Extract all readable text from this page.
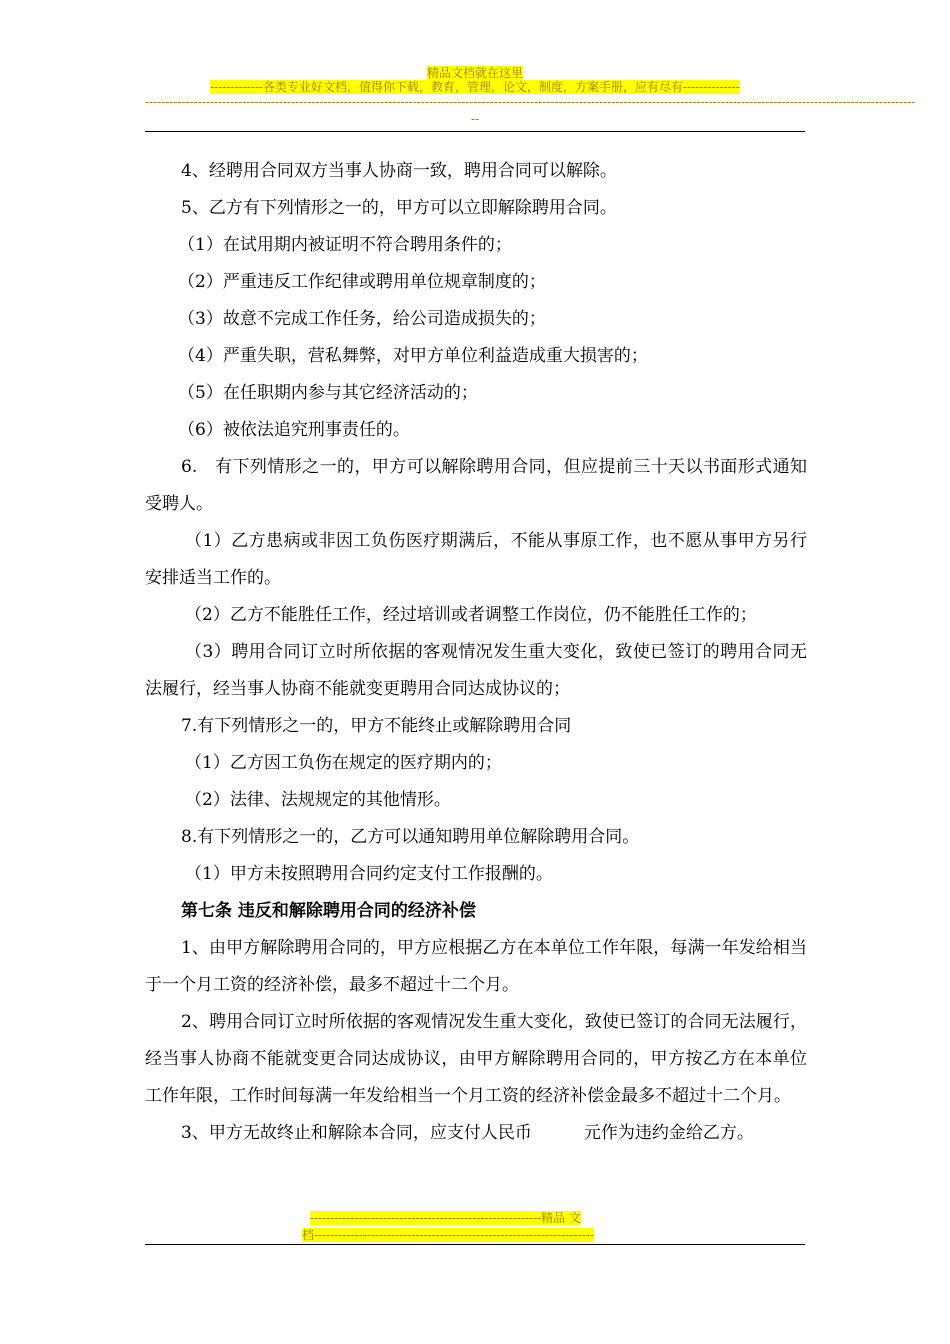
精品文档就在这里
-------------各类专业好文档，值得你下载，教育，管理，论文，制度，方案手册，应有尽有--------------
----------------------------------------------------------------------------------------------------------------------------------------------------------------------------------------------
--

4、经聘用合同双方当事人协商一致，聘用合同可以解除。

5、乙方有下列情形之一的，甲方可以立即解除聘用合同。

（1）在试用期内被证明不符合聘用条件的；

（2）严重违反工作纪律或聘用单位规章制度的；

（3）故意不完成工作任务，给公司造成损失的；

（4）严重失职，营私舞弊，对甲方单位利益造成重大损害的；

（5）在任职期内参与其它经济活动的；

（6）被依法追究刑事责任的。

6.　有下列情形之一的，甲方可以解除聘用合同，但应提前三十天以书面形式通知受聘人。

（1）乙方患病或非因工负伤医疗期满后，不能从事原工作，也不愿从事甲方另行安排适当工作的。

（2）乙方不能胜任工作，经过培训或者调整工作岗位，仍不能胜任工作的；

（3）聘用合同订立时所依据的客观情况发生重大变化，致使已签订的聘用合同无法履行，经当事人协商不能就变更聘用合同达成协议的；

7.有下列情形之一的，甲方不能终止或解除聘用合同

（1）乙方因工负伤在规定的医疗期内的；

（2）法律、法规规定的其他情形。

8.有下列情形之一的，乙方可以通知聘用单位解除聘用合同。

（1）甲方未按照聘用合同约定支付工作报酬的。

第七条 违反和解除聘用合同的经济补偿

1、由甲方解除聘用合同的，甲方应根据乙方在本单位工作年限，每满一年发给相当于一个月工资的经济补偿，最多不超过十二个月。

2、聘用合同订立时所依据的客观情况发生重大变化，致使已签订的合同无法履行，经当事人协商不能就变更合同达成协议，由甲方解除聘用合同的，甲方按乙方在本单位工作年限，工作时间每满一年发给相当一个月工资的经济补偿金最多不超过十二个月。

3、甲方无故终止和解除本合同，应支付人民币	元作为违约金给乙方。

---------------------------------------------------------精品 文
档---------------------------------------------------------------------
